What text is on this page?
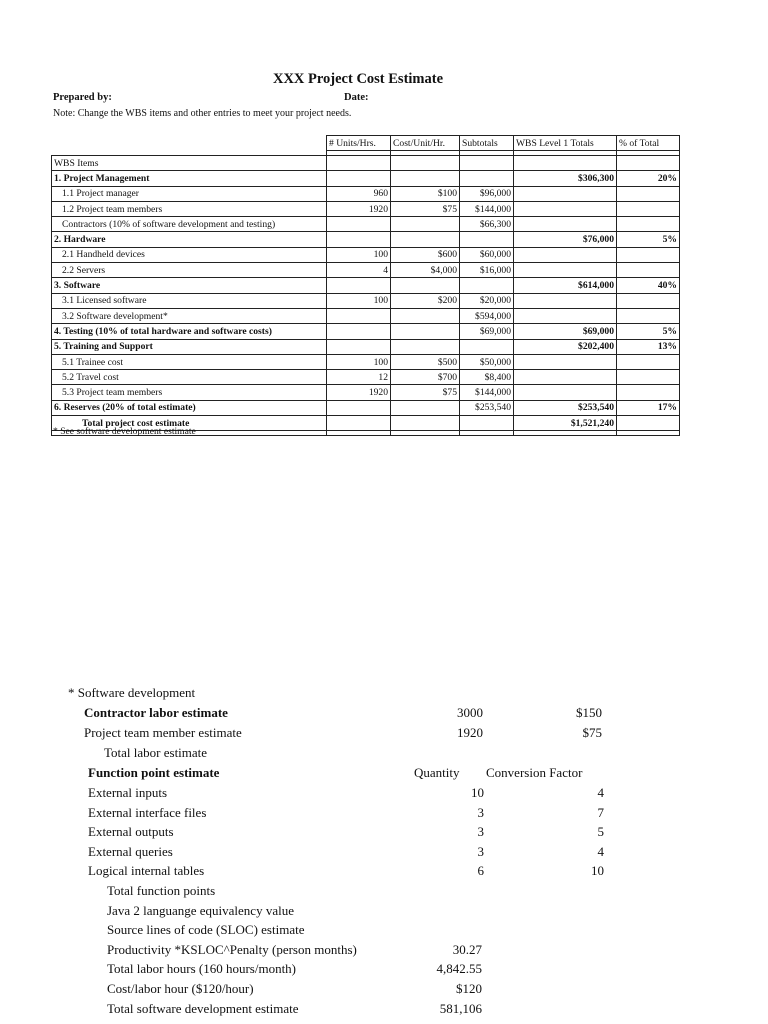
XXX Project Cost Estimate
Prepared by:	Date:
Note: Change the WBS items and other entries to meet your project needs.
	# Units/Hrs.	Cost/Unit/Hr.	Subtotals	WBS Level 1 Totals	% of Total

WBS Items					
1. Project Management				$306,300	20%
1.1 Project manager	960	$100	$96,000		
1.2 Project team members	1920	$75	$144,000		
Contractors (10% of software development and testing)			$66,300		
2. Hardware				$76,000	5%
2.1 Handheld devices	100	$600	$60,000		
2.2 Servers	4	$4,000	$16,000		
3. Software				$614,000	40%
3.1 Licensed software	100	$200	$20,000		
3.2 Software development*			$594,000		
4. Testing (10% of total hardware and software costs)			$69,000	$69,000	5%
5. Training and Support				$202,400	13%
5.1 Trainee cost	100	$500	$50,000		
5.2 Travel cost	12	$700	$8,400		
5.3 Project team members	1920	$75	$144,000		
6. Reserves (20% of total estimate)			$253,540	$253,540	17%
Total project cost estimate				$1,521,240	

* See software development estimate
* Software development
Contractor labor estimate	3000	$150
Project team member estimate	1920	$75
Total labor estimate
Function point estimate	Quantity Conversion Factor
External inputs	10	4
External interface files	3	7
External outputs	3	5
External queries	3	4
Logical internal tables	6	10
Total function points
Java 2 languange equivalency value
Source lines of code (SLOC) estimate
Productivity *KSLOC^Penalty (person months)	30.27
Total labor hours (160 hours/month)	4,842.55
Cost/labor hour ($120/hour)	$120
Total software development estimate	581,106
